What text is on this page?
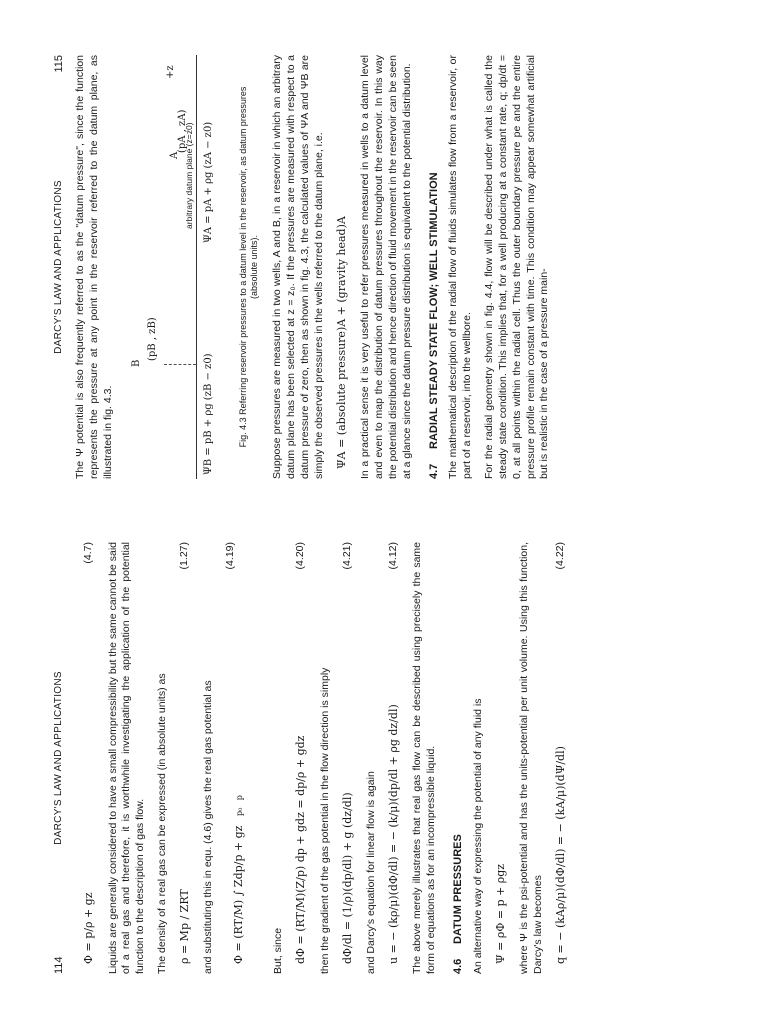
114
DARCY'S LAW AND APPLICATIONS
Φ = p/ρ + gz
(4.7) Liquids are generally considered to have a small compressibility but the same cannot be said of a real gas and therefore, it is worthwhile investigating the application of the potential function to the description of gas flow. The density of a real gas can be expressed (in absolute units) as ρ = Mp / ZRT
(1.27)

and substituting this in equ. (4.6) gives the real gas potential as	Φ = (RT/M) ∫ Zdp/p + gz p₀ p
(4.19)

But, since dΦ = (RT/M)(Z/p) dp + gdz = dp/ρ + gdz
(4.20)

then the gradient of the gas potential in the flow direction is simply dΦ/dl = (1/ρ)(dp/dl) + g (dz/dl)
(4.21)

and Darcy's equation for linear flow is again u = − (kρ/μ)(dΦ/dl) = − (k/μ)(dp/dl + ρg dz/dl)
(4.12) The above merely illustrates that real gas flow can be described using precisely the same form of equations as for an incompressible liquid. 4.6DATUM PRESSURES An alternative way of expressing the potential of any fluid is Ψ = ρΦ = p + ρgz where Ψ is the psi-potential and has the units-potential per unit volume. Using this function, Darcy's law becomes q = − (kAρ/μ)(dΦ/dl) = − (kA/μ)(dΨ/dl)
(4.22)
DARCY'S LAW AND APPLICATIONS
115 The Ψ potential is also frequently referred to as the "datum pressure", since the function represents the pressure at any point in the reservoir referred to the datum plane, as illustrated in fig. 4.3.

B
(pB , zB)
A
(pA , zA)
+z
ΨB = pB + ρg (zB − z0)
ΨA = pA + ρg (zA − z0)
arbitrary datum plane (z=z0)	Fig. 4.3 Referring reservoir pressures to a datum level in the reservoir, as datum pressures (absolute units). Suppose pressures are measured in two wells, A and B, in a reservoir in which an arbitrary datum plane has been selected at z = z₀. If the pressures are measured with respect to a datum pressure of zero, then as shown in fig. 4.3, the calculated values of ΨA and ΨB are simply the observed pressures in the wells referred to the datum plane, i.e. ΨA = (absolute pressure)A + (gravity head)A In a practical sense it is very useful to refer pressures measured in wells to a datum level and even to map the distribution of datum pressures throughout the reservoir. In this way the potential distribution and hence direction of fluid movement in the reservoir can be seen at a glance since the datum pressure distribution is equivalent to the potential distribution. 4.7RADIAL STEADY STATE FLOW; WELL STIMULATION The mathematical description of the radial flow of fluids simulates flow from a reservoir, or part of a reservoir, into the wellbore. For the radial geometry shown in fig. 4.4, flow will be described under what is called the steady state condition. This implies that, for a well producing at a constant rate, q; dp/dt = 0, at all points within the radial cell. Thus the outer boundary pressure pe and the entire pressure profile remain constant with time. This condition may appear somewhat artificial but is realistic in the case of a pressure main-
